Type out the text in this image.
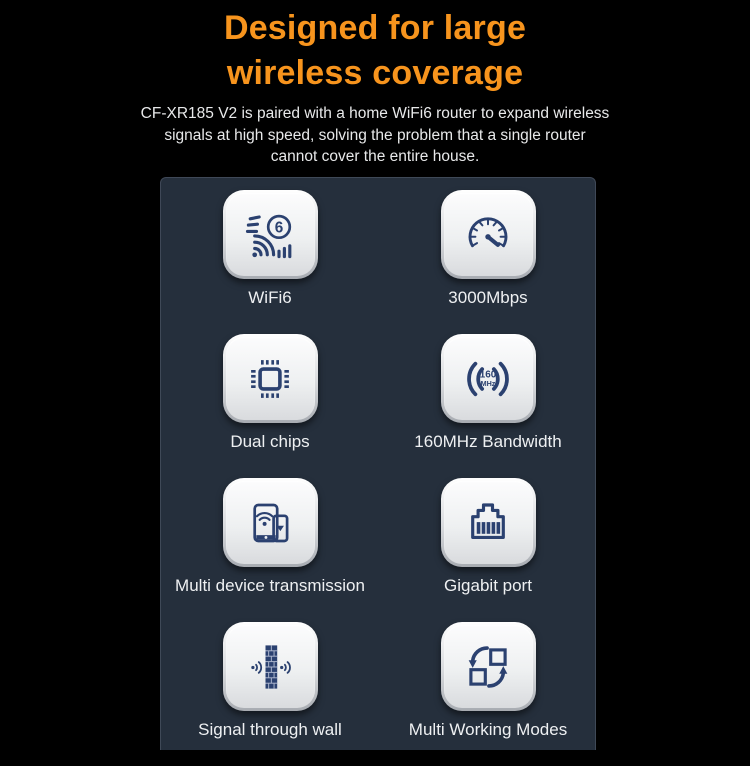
Designed for large
wireless coverage
CF-XR185 V2 is paired with a home WiFi6 router to expand wireless
signals at high speed, solving the problem that a single router
cannot cover the entire house.
6
WiFi6	3000Mbps
Dual chips
160
MHz
160MHz Bandwidth
Multi device transmission	Gigabit port
Signal through wall	Multi Working Modes
